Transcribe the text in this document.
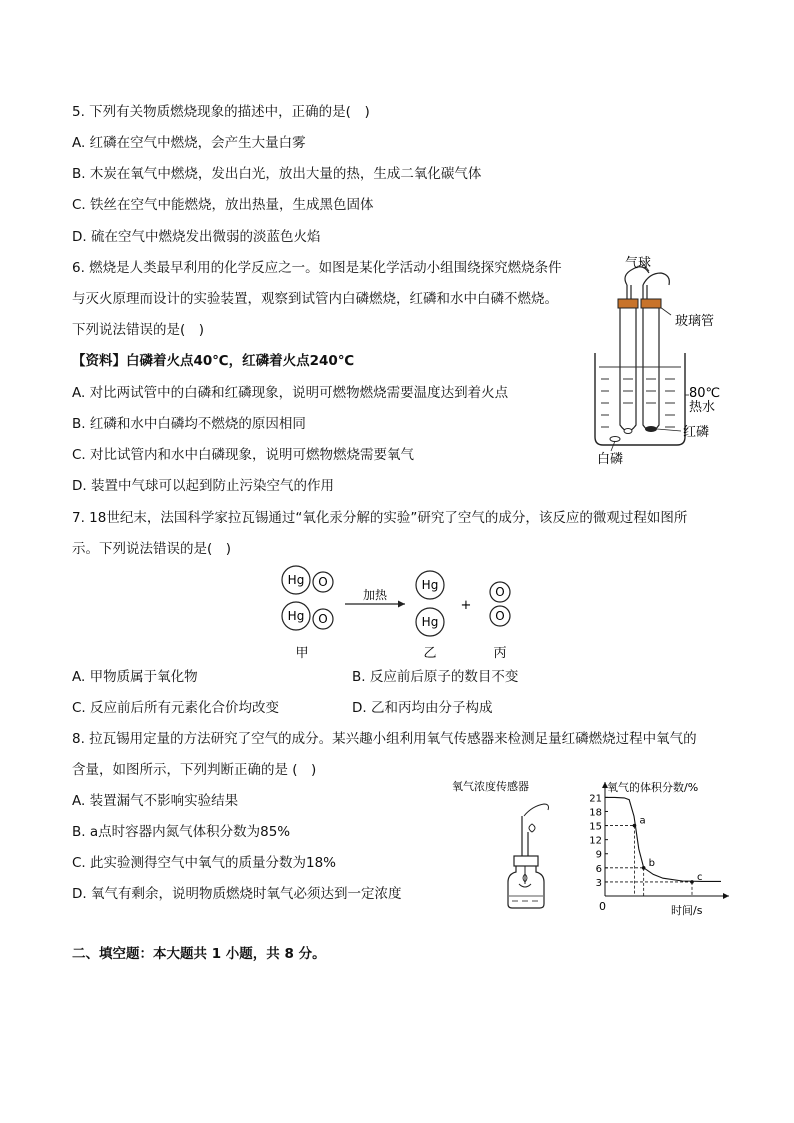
5. 下列有关物质燃烧现象的描述中，正确的是(　)
A. 红磷在空气中燃烧，会产生大量白雾
B. 木炭在氧气中燃烧，发出白光，放出大量的热，生成二氧化碳气体
C. 铁丝在空气中能燃烧，放出热量，生成黑色固体
D. 硫在空气中燃烧发出微弱的淡蓝色火焰
6. 燃烧是人类最早利用的化学反应之一。如图是某化学活动小组围绕探究燃烧条件
与灭火原理而设计的实验装置，观察到试管内白磷燃烧，红磷和水中白磷不燃烧。
下列说法错误的是(　)
【资料】白磷着火点40℃，红磷着火点240℃
A. 对比两试管中的白磷和红磷现象，说明可燃物燃烧需要温度达到着火点
B. 红磷和水中白磷均不燃烧的原因相同
C. 对比试管内和水中白磷现象，说明可燃物燃烧需要氧气
D. 装置中气球可以起到防止污染空气的作用
气球
玻璃管
80℃
热水
红磷
白磷
7. 18世纪末，法国科学家拉瓦锡通过“氧化汞分解的实验”研究了空气的成分，该反应的微观过程如图所
示。下列说法错误的是(　)
Hg O
Hg O
Hg
Hg
O
O
加热
+
甲	乙	丙
A. 甲物质属于氧化物	B. 反应前后原子的数目不变
C. 反应前后所有元素化合价均改变	D. 乙和丙均由分子构成
8. 拉瓦锡用定量的方法研究了空气的成分。某兴趣小组利用氧气传感器来检测足量红磷燃烧过程中氧气的
含量，如图所示，下列判断正确的是 (　)
A. 装置漏气不影响实验结果
B. a点时容器内氮气体积分数为85%
C. 此实验测得空气中氧气的质量分数为18%
D. 氧气有剩余，说明物质燃烧时氧气必须达到一定浓度
氧气浓度传感器	氧气的体积分数/%
时间/s
0
3
6
9
12
15
18
21
a
b
c
二、填空题：本大题共 1 小题，共 8 分。
